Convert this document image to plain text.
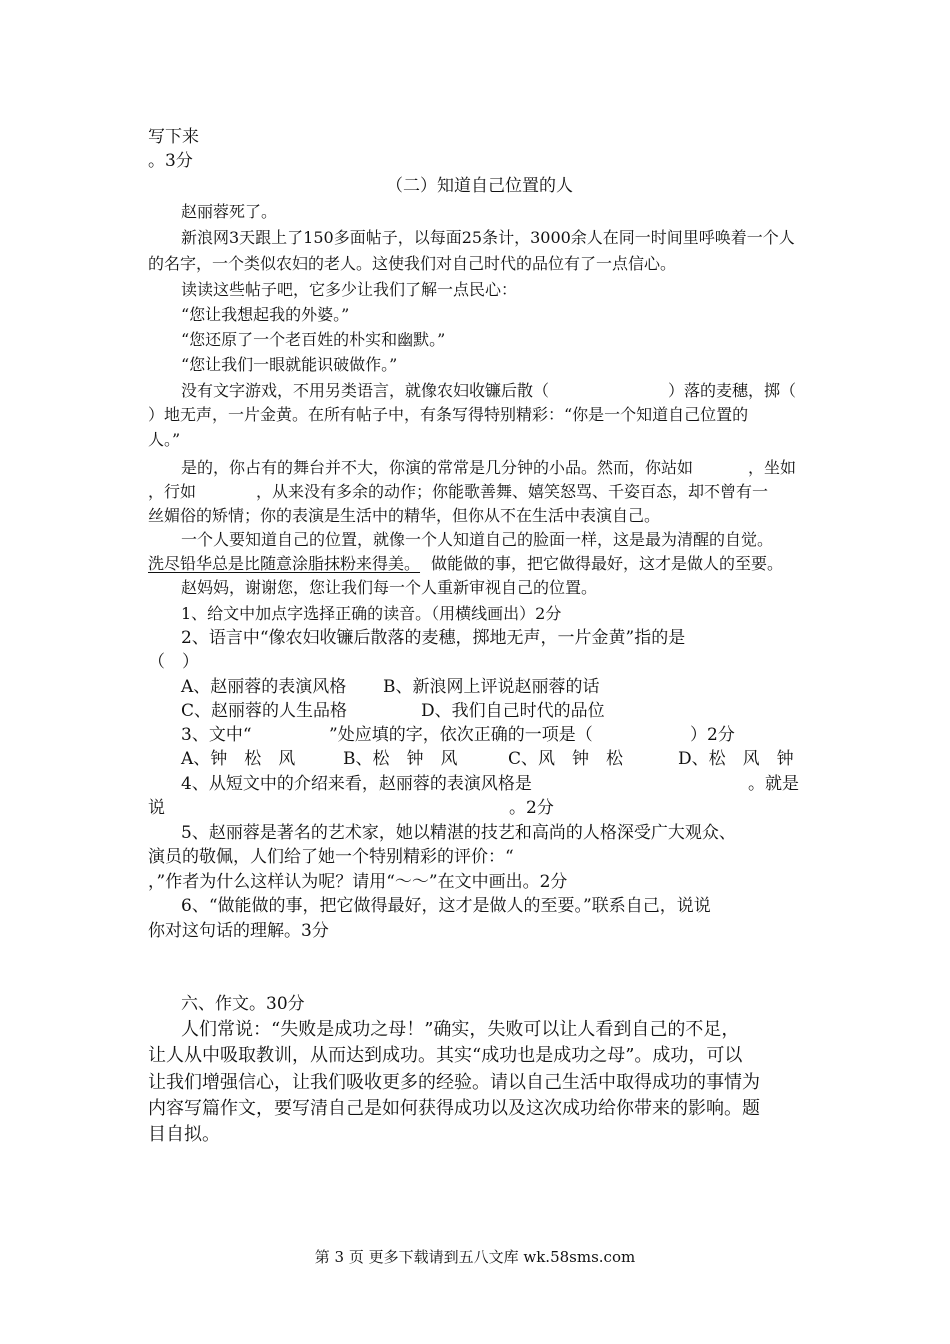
写下来
。3分
（二）知道自己位置的人
赵丽蓉死了。
新浪网3天跟上了150多面帖子，以每面25条计，3000余人在同一时间里呼唤着一个人
的名字，一个类似农妇的老人。这使我们对自己时代的品位有了一点信心。
读读这些帖子吧，它多少让我们了解一点民心：
“您让我想起我的外婆。”
“您还原了一个老百姓的朴实和幽默。”
“您让我们一眼就能识破做作。”
没有文字游戏，不用另类语言，就像农妇收镰后散（	）落的麦穗，掷（
）地无声，一片金黄。在所有帖子中，有条写得特别精彩：“你是一个知道自己位置的
人。”
是的，你占有的舞台并不大，你演的常常是几分钟的小品。然而，你站如	，坐如
，行如	，从来没有多余的动作；你能歌善舞、嬉笑怒骂、千姿百态，却不曾有一
丝媚俗的矫情；你的表演是生活中的精华，但你从不在生活中表演自己。
一个人要知道自己的位置，就像一个人知道自己的脸面一样，这是最为清醒的自觉。
洗尽铅华总是比随意涂脂抹粉来得美。 做能做的事，把它做得最好，这才是做人的至要。
赵妈妈，谢谢您，您让我们每一个人重新审视自己的位置。
1、给文中加点字选择正确的读音。（用横线画出）2分
2、语言中“像农妇收镰后散落的麦穗，掷地无声，一片金黄”指的是
（　）
A、赵丽蓉的表演风格 B、新浪网上评说赵丽蓉的话
C、赵丽蓉的人生品格	D、我们自己时代的品位
3、文中“	”处应填的字，依次正确的一项是（	）2分
A、钟　松　风	B、松　钟　风	C、风　钟　松	D、松　风　钟
4、从短文中的介绍来看，赵丽蓉的表演风格是	。就是
说	。2分
5、赵丽蓉是著名的艺术家，她以精湛的技艺和高尚的人格深受广大观众、
演员的敬佩，人们给了她一个特别精彩的评价：“
，”作者为什么这样认为呢？请用“～～”在文中画出。2分
6、“做能做的事，把它做得最好，这才是做人的至要。”联系自己，说说
你对这句话的理解。3分
六、作文。30分
人们常说：“失败是成功之母！”确实，失败可以让人看到自己的不足，
让人从中吸取教训，从而达到成功。其实“成功也是成功之母”。成功，可以
让我们增强信心，让我们吸收更多的经验。请以自己生活中取得成功的事情为
内容写篇作文，要写清自己是如何获得成功以及这次成功给你带来的影响。题
目自拟。
第 3 页 更多下载请到五八文库 wk.58sms.com
